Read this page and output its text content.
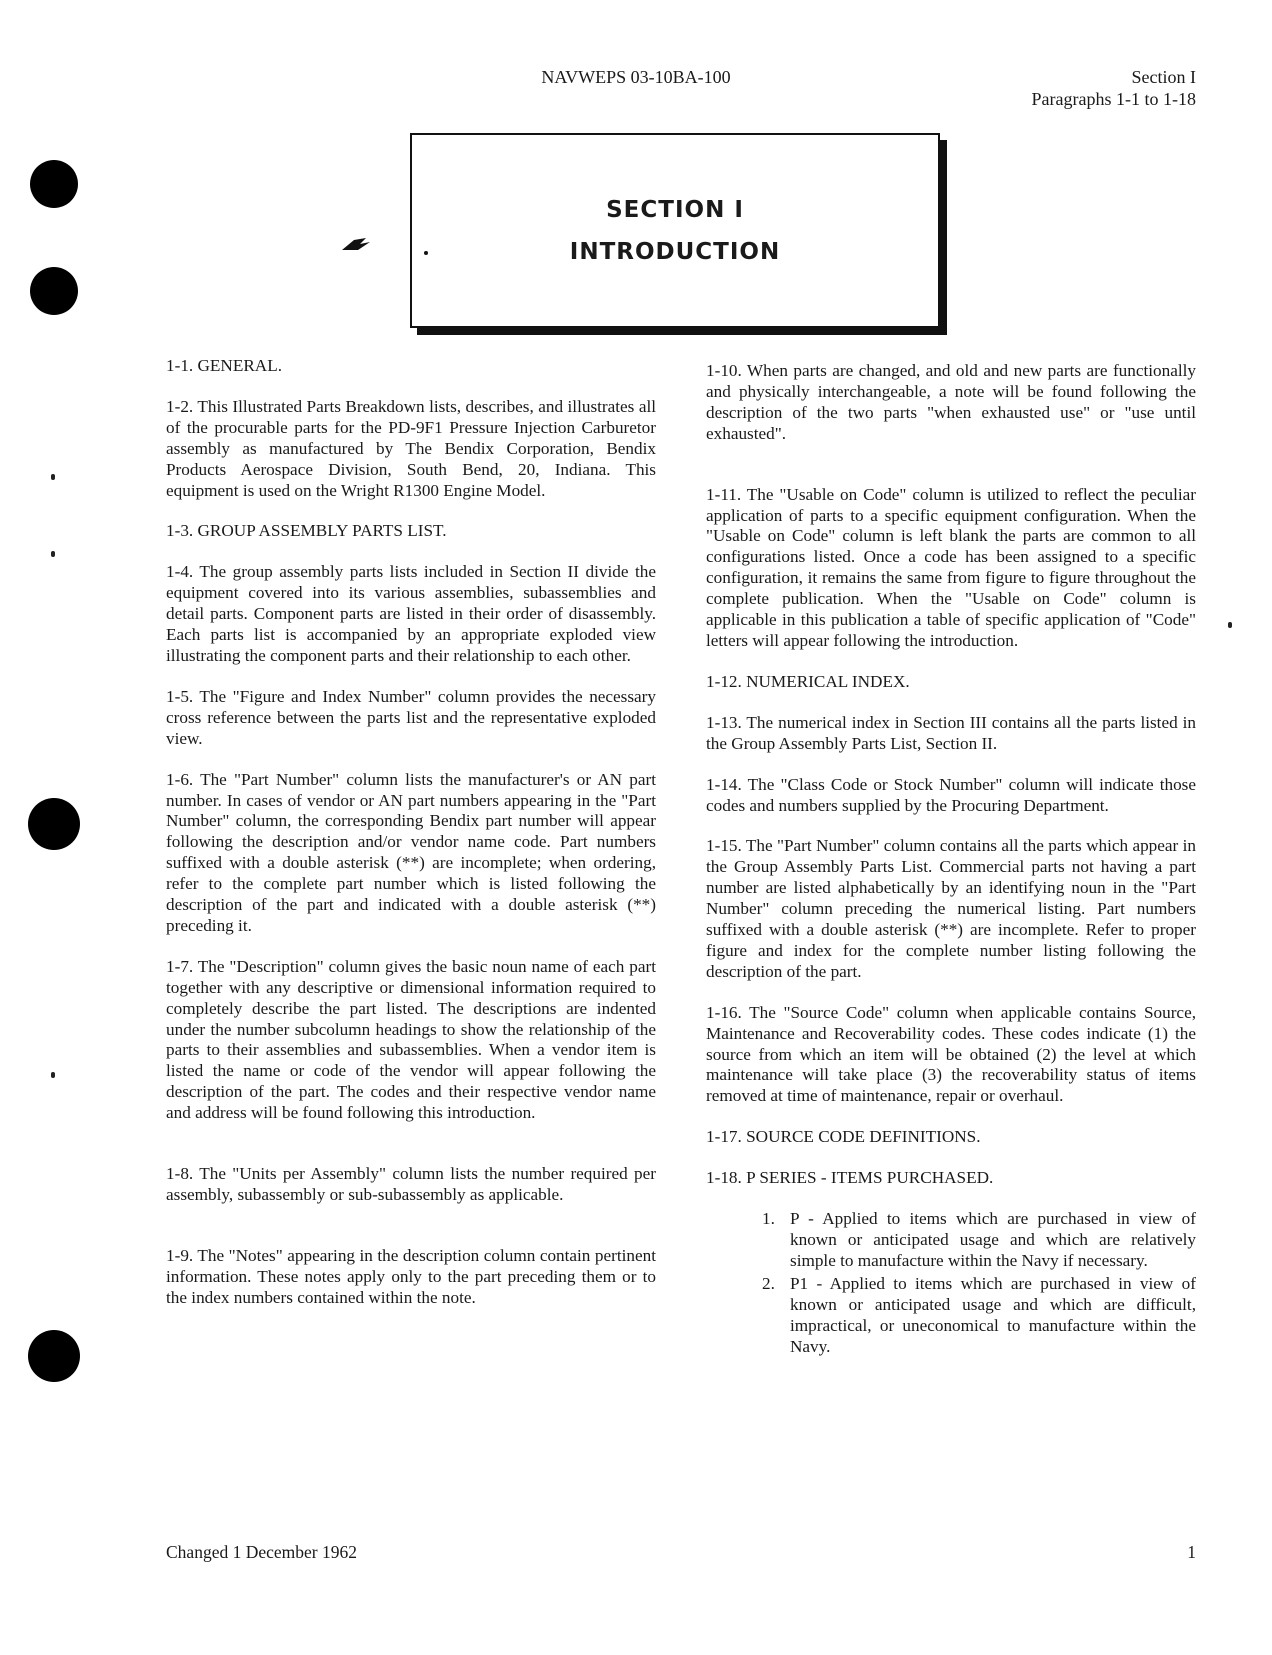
NAVWEPS 03-10BA-100	Section I
Paragraphs 1-1 to 1-18
SECTION I
INTRODUCTION

1-1. GENERAL.

1-2. This Illustrated Parts Breakdown lists, describes, and illustrates all of the procurable parts for the PD-9F1 Pressure Injection Carburetor assembly as manufactured by The Bendix Corporation, Bendix Products Aerospace Division, South Bend, 20, Indiana. This equipment is used on the Wright R1300 Engine Model.

1-3. GROUP ASSEMBLY PARTS LIST.

1-4. The group assembly parts lists included in Section II divide the equipment covered into its various assemblies, subassemblies and detail parts. Component parts are listed in their order of disassembly. Each parts list is accompanied by an appropriate exploded view illustrating the component parts and their relationship to each other.

1-5. The "Figure and Index Number" column provides the necessary cross reference between the parts list and the representative exploded view.

1-6. The "Part Number" column lists the manufacturer's or AN part number. In cases of vendor or AN part numbers appearing in the "Part Number" column, the corresponding Bendix part number will appear following the description and/or vendor name code. Part numbers suffixed with a double asterisk (**) are incomplete; when ordering, refer to the complete part number which is listed following the description of the part and indicated with a double asterisk (**) preceding it.

1-7. The "Description" column gives the basic noun name of each part together with any descriptive or dimensional information required to completely describe the part listed. The descriptions are indented under the number subcolumn headings to show the relationship of the parts to their assemblies and subassemblies. When a vendor item is listed the name or code of the vendor will appear following the description of the part. The codes and their respective vendor name and address will be found following this introduction.

1-8. The "Units per Assembly" column lists the number required per assembly, subassembly or sub-subassembly as applicable.

1-9. The "Notes" appearing in the description column contain pertinent information. These notes apply only to the part preceding them or to the index numbers contained within the note.

1-10. When parts are changed, and old and new parts are functionally and physically interchangeable, a note will be found following the description of the two parts "when exhausted use" or "use until exhausted".

1-11. The "Usable on Code" column is utilized to reflect the peculiar application of parts to a specific equipment configuration. When the "Usable on Code" column is left blank the parts are common to all configurations listed. Once a code has been assigned to a specific configuration, it remains the same from figure to figure throughout the complete publication. When the "Usable on Code" column is applicable in this publication a table of specific application of "Code" letters will appear following the introduction.

1-12. NUMERICAL INDEX.

1-13. The numerical index in Section III contains all the parts listed in the Group Assembly Parts List, Section II.

1-14. The "Class Code or Stock Number" column will indicate those codes and numbers supplied by the Procuring Department.

1-15. The "Part Number" column contains all the parts which appear in the Group Assembly Parts List. Commercial parts not having a part number are listed alphabetically by an identifying noun in the "Part Number" column preceding the numerical listing. Part numbers suffixed with a double asterisk (**) are incomplete. Refer to proper figure and index for the complete number listing following the description of the part.

1-16. The "Source Code" column when applicable contains Source, Maintenance and Recoverability codes. These codes indicate (1) the source from which an item will be obtained (2) the level at which maintenance will take place (3) the recoverability status of items removed at time of maintenance, repair or overhaul.

1-17. SOURCE CODE DEFINITIONS.

1-18. P SERIES - ITEMS PURCHASED.

1. P - Applied to items which are purchased in view of known or anticipated usage and which are relatively simple to manufacture within the Navy if necessary.
2. P1 - Applied to items which are purchased in view of known or anticipated usage and which are difficult, impractical, or uneconomical to manufacture within the Navy.
Changed 1 December 1962	1
